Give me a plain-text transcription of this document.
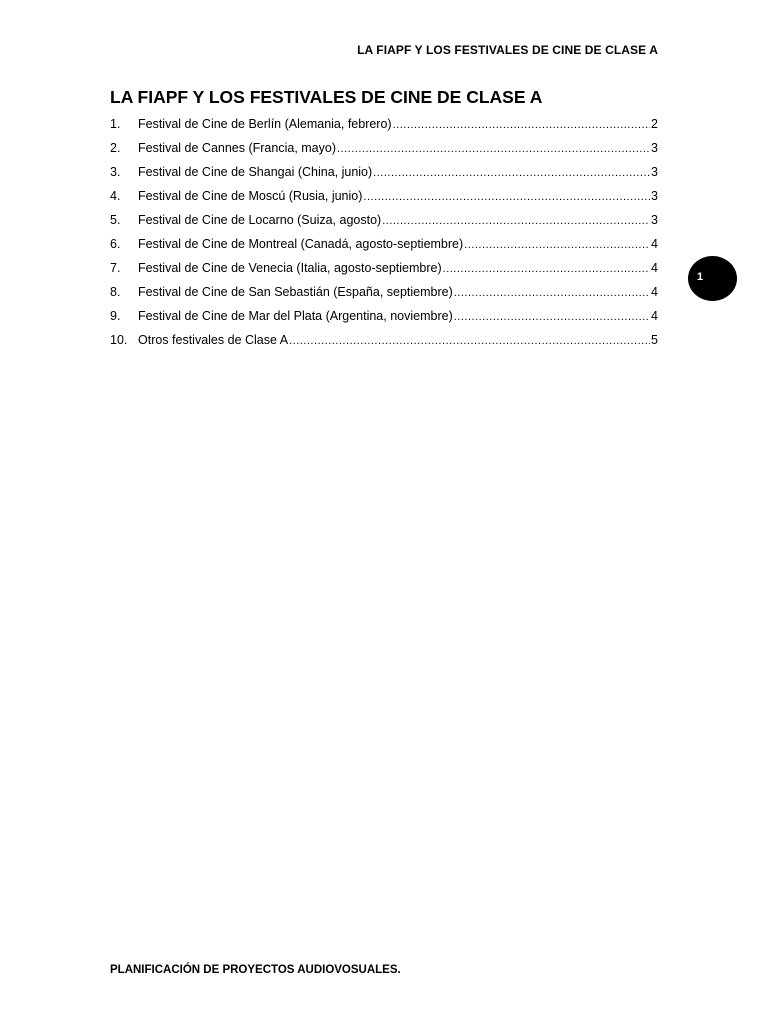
LA FIAPF Y LOS FESTIVALES DE CINE DE CLASE A
LA FIAPF Y LOS FESTIVALES DE CINE DE CLASE A
1.	Festival de Cine de Berlín (Alemania, febrero) .....	2
2.	Festival de Cannes (Francia, mayo) .....	3
3.	Festival de Cine de Shangai (China, junio) .....	3
4.	Festival de Cine de Moscú (Rusia, junio) .....	3
5.	Festival de Cine de Locarno (Suiza, agosto) .....	3
6.	Festival de Cine de Montreal (Canadá, agosto-septiembre) .....	4
7.	Festival de Cine de Venecia (Italia, agosto-septiembre) .....	4
8.	Festival de Cine de San Sebastián (España, septiembre) .....	4
9.	Festival de Cine de Mar del Plata (Argentina, noviembre) .....	4
10. Otros festivales de Clase A .....	5
1
PLANIFICACIÓN DE PROYECTOS AUDIOVOSUALES.
